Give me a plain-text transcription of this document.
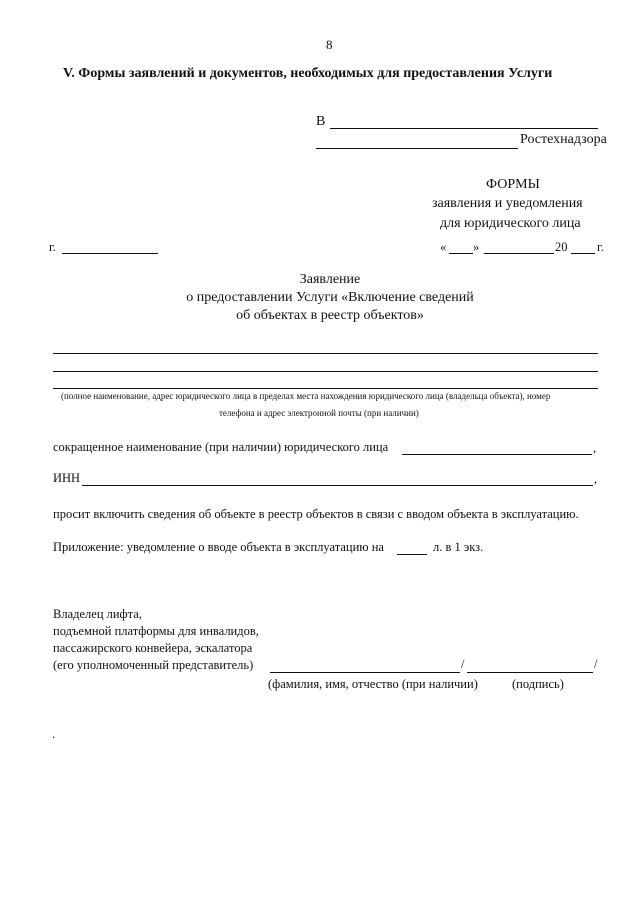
8
V. Формы заявлений и документов, необходимых для предоставления Услуги
В
Ростехнадзора
ФОРМЫ
заявления и уведомления
для юридического лица
г.	« »	20 г.
Заявление
о предоставлении Услуги «Включение сведений
об объектах в реестр объектов»
(полное наименование, адрес юридического лица в пределах места нахождения юридического лица (владельца объекта), номер
телефона и адрес электронной почты (при наличии)
сокращенное наименование (при наличии) юридического лица	,
ИНН	,
просит включить сведения об объекте в реестр объектов в связи с вводом объекта в эксплуатацию.
Приложение: уведомление о вводе объекта в эксплуатацию на	л. в 1 экз.
Владелец лифта,
подъемной платформы для инвалидов,
пассажирского конвейера, эскалатора
(его уполномоченный представитель)	/	/
(фамилия, имя, отчество (при наличии)	(подпись)
.
